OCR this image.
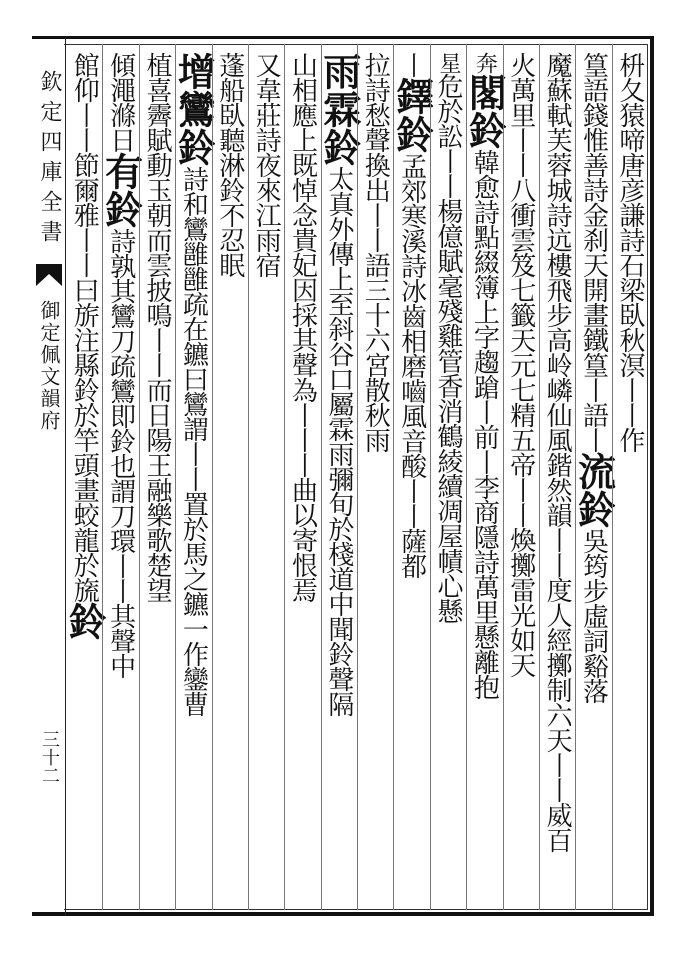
欽定四庫全書
御定佩文韻府
三十二
枡夂猿啼唐彦謙詩石梁臥秋溟丨丨作
篁語錢惟善詩金刹天開畫鐵篁丨語丨流鈴吳筠步虛詞谿落
魔蘇軾芙蓉城詩迒樓飛步高岭嶙仙風鍇然韻丨丨度人經擲制六天丨丨威百
火萬里丨丨八衝雲笈七籤天元七精五帝丨丨煥擲雷光如天
奔閣鈴韓愈詩點綴簿上字趨蹌丨前丨李商隱詩萬里懸離抱
星危於訟丨丨楊億賦毫殘雞管香消鶴綾續凋屋幘心懸
丨鐸鈴孟郊寒溪詩冰齒相磨嚙風音酸丨丨薩都
拉詩愁聲換出丨丨語三十六宮散秋雨
雨霖鈴太真外傳上至斜谷口屬霖雨彌旬於棧道中聞鈴聲隔
山相應上既悼念貴妃因採其聲為丨丨丨曲以寄恨焉
又韋莊詩夜來江雨宿
蓬船臥聽淋鈴不忍眠
增鸞鈴詩和鸞雝雝疏在鑣曰鸞謂丨丨置於馬之鑣一作鑾曹
植喜霽賦動玉朝而雲披鳴丨丨而日陽王融樂歌楚望
傾澠滌日有鈴詩孰其鸞刀疏鸞即鈴也謂刀環丨丨其聲中
館仰丨丨節爾雅丨丨曰旂注縣鈴於竿頭畫蛟龍於旒鈴
